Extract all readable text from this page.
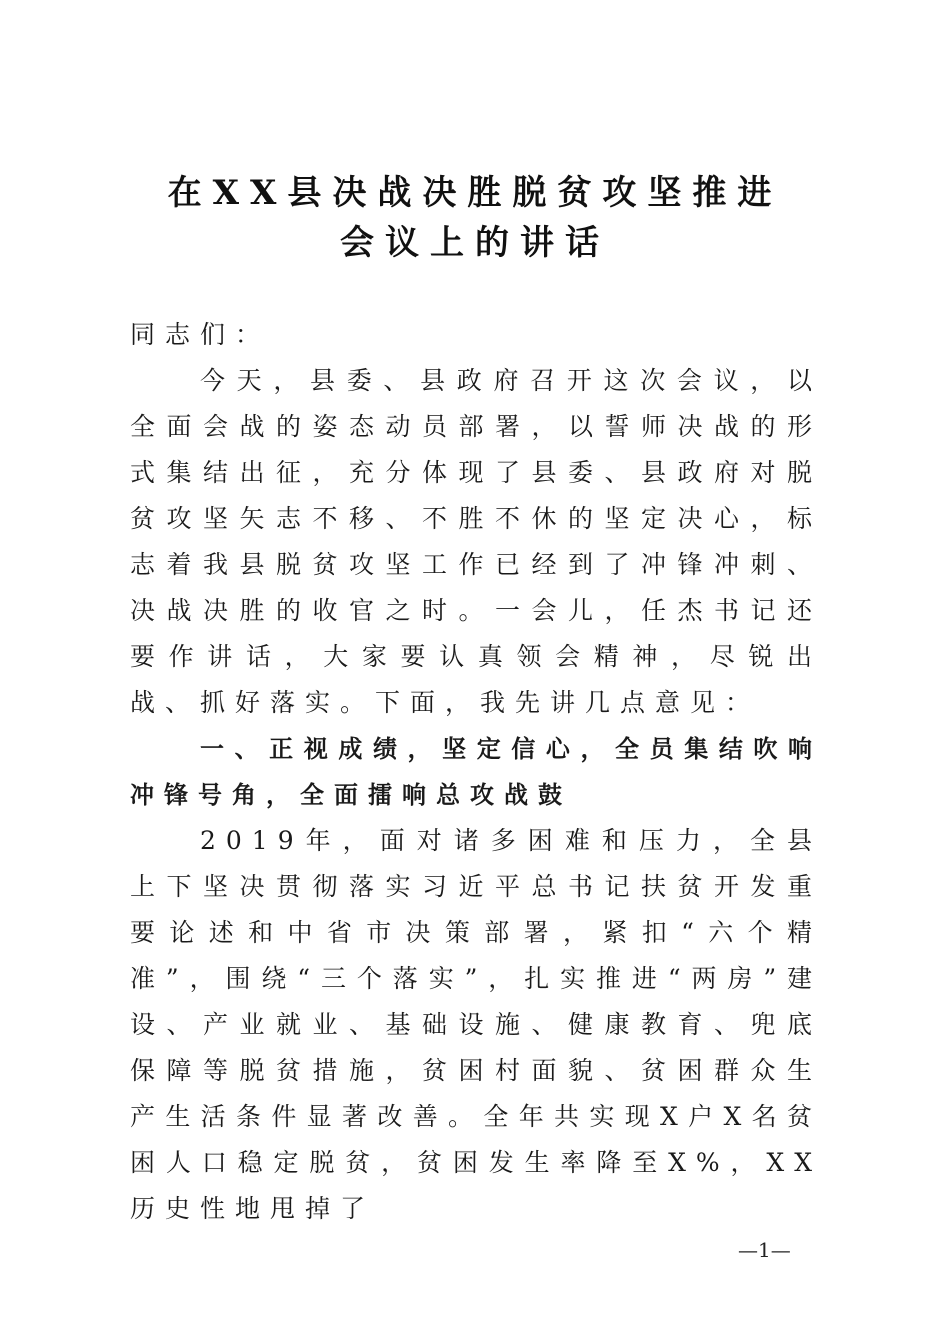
在XX县决战决胜脱贫攻坚推进
会议上的讲话

同志们：

今天，县委、县政府召开这次会议，以全面会战的姿态动员部署，以誓师决战的形式集结出征，充分体现了县委、县政府对脱贫攻坚矢志不移、不胜不休的坚定决心，标志着我县脱贫攻坚工作已经到了冲锋冲刺、决战决胜的收官之时。一会儿，任杰书记还要作讲话，大家要认真领会精神，尽锐出战、抓好落实。下面，我先讲几点意见：

一、正视成绩，坚定信心，全员集结吹响冲锋号角，全面擂响总攻战鼓

2019年，面对诸多困难和压力，全县上下坚决贯彻落实习近平总书记扶贫开发重要论述和中省市决策部署，紧扣“六个精准”，围绕“三个落实”，扎实推进“两房”建设、产业就业、基础设施、健康教育、兜底保障等脱贫措施，贫困村面貌、贫困群众生产生活条件显著改善。全年共实现X户X名贫困人口稳定脱贫，贫困发生率降至X%，XX历史性地甩掉了

—1—
